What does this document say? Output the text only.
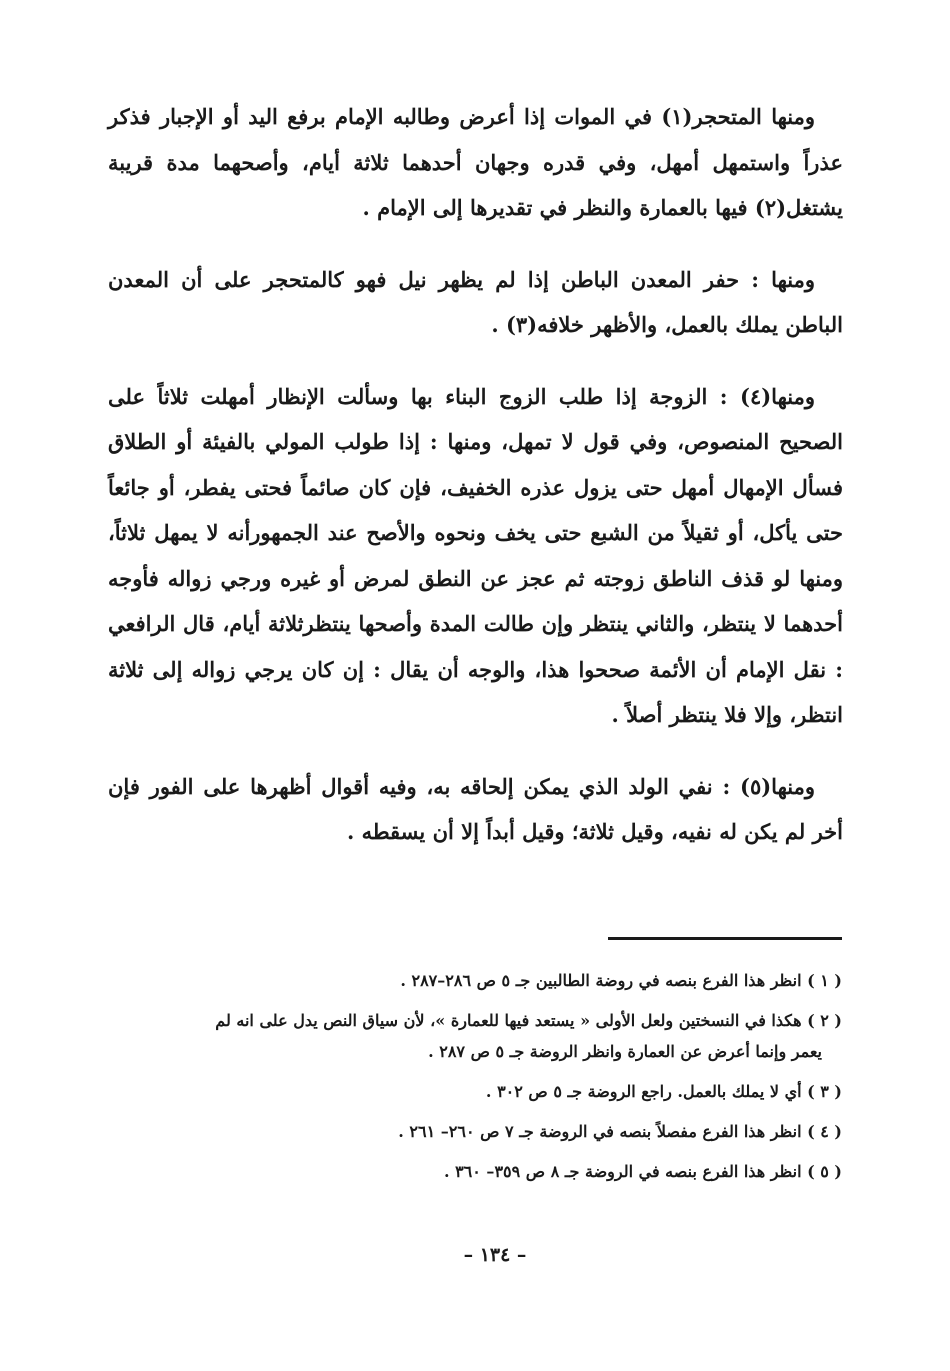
ومنها المتحجر(١) في الموات إذا أعرض وطالبه الإمام برفع اليد أو الإجبار فذكر عذراً واستمهل أمهل، وفي قدره وجهان أحدهما ثلاثة أيام، وأصحهما مدة قريبة يشتغل(٢) فيها بالعمارة والنظر في تقديرها إلى الإمام .

ومنها : حفر المعدن الباطن إذا لم يظهر نيل فهو كالمتحجر على أن المعدن الباطن يملك بالعمل، والأظهر خلافه(٣) .

ومنها(٤) : الزوجة إذا طلب الزوج البناء بها وسألت الإنظار أمهلت ثلاثاً على الصحيح المنصوص، وفي قول لا تمهل، ومنها : إذا طولب المولي بالفيئة أو الطلاق فسأل الإمهال أمهل حتى يزول عذره الخفيف، فإن كان صائماً فحتى يفطر، أو جائعاً حتى يأكل، أو ثقيلاً من الشبع حتى يخف ونحوه والأصح عند الجمهورأنه لا يمهل ثلاثاً، ومنها لو قذف الناطق زوجته ثم عجز عن النطق لمرض أو غيره ورجي زواله فأوجه أحدهما لا ينتظر، والثاني ينتظر وإن طالت المدة وأصحها ينتظرثلاثة أيام، قال الرافعي : نقل الإمام أن الأئمة صححوا هذا، والوجه أن يقال : إن كان يرجي زواله إلى ثلاثة انتظر، وإلا فلا ينتظر أصلاً .

ومنها(٥) : نفي الولد الذي يمكن إلحاقه به، وفيه أقوال أظهرها على الفور فإن أخر لم يكن له نفيه، وقيل ثلاثة؛ وقيل أبداً إلا أن يسقطه .

( ١ ) انظر هذا الفرع بنصه في روضة الطالبين جـ ٥ ص ٢٨٦–٢٨٧ .
( ٢ ) هكذا في النسختين ولعل الأولى « يستعد فيها للعمارة »، لأن سياق النص يدل على انه لم
يعمر وإنما أعرض عن العمارة وانظر الروضة جـ ٥ ص ٢٨٧ .
( ٣ ) أي لا يملك بالعمل. راجع الروضة جـ ٥ ص ٣٠٢ .
( ٤ ) انظر هذا الفرع مفصلاً بنصه في الروضة جـ ٧ ص ٢٦٠– ٢٦١ .
( ٥ ) انظر هذا الفرع بنصه في الروضة جـ ٨ ص ٣٥٩– ٣٦٠ .
– ١٣٤ –
